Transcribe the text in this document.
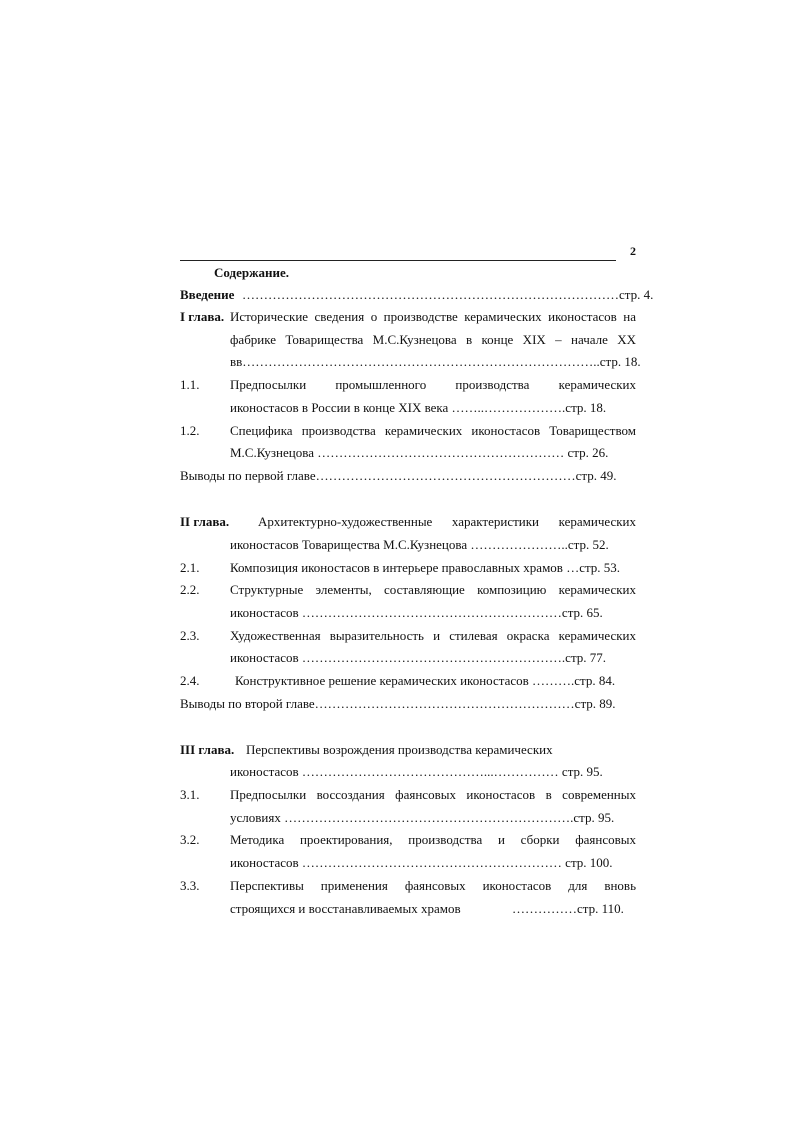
2
Содержание.
Введение ……………………………………………………………………………стр. 4.
I глава. Исторические сведения о производстве керамических иконостасов на
фабрике Товарищества М.С.Кузнецова в конце XIX – начале XX
вв………………………………………………………………………..стр. 18.
1.1. Предпосылки промышленного производства керамических
иконостасов в России в конце XIX века ……..……………….стр. 18.
1.2. Специфика производства керамических иконостасов Товариществом
М.С.Кузнецова ………………………………………………… стр. 26.
Выводы по первой главе……………………………………………………стр. 49.
II глава. Архитектурно-художественные характеристики керамических
иконостасов Товарищества М.С.Кузнецова …………………..стр. 52.
2.1. Композиция иконостасов в интерьере православных храмов …стр. 53.
2.2. Структурные элементы, составляющие композицию керамических
иконостасов ……………………………………………………стр. 65.
2.3. Художественная выразительность и стилевая окраска керамических
иконостасов …………………………………………………….стр. 77.
2.4.	Конструктивное решение керамических иконостасов ……….стр. 84.
Выводы по второй главе……………………………………………………стр. 89.
III глава. Перспективы возрождения производства керамических
иконостасов ……………………………………...…………… стр. 95.
3.1. Предпосылки воссоздания фаянсовых иконостасов в современных
условиях ………………………………………………………….стр. 95.
3.2. Методика проектирования, производства и сборки фаянсовых
иконостасов …………………………………………………… стр. 100.
3.3. Перспективы применения фаянсовых иконостасов для вновь
строящихся и восстанавливаемых храмов	……………стр. 110.
